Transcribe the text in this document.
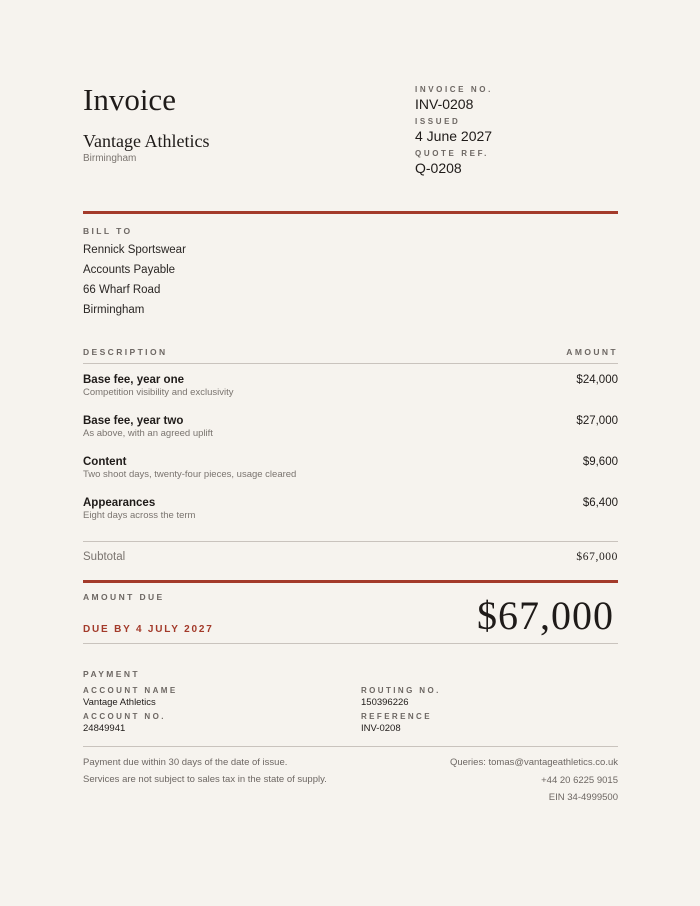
Invoice
Vantage Athletics
Birmingham
INVOICE NO.
INV-0208
ISSUED
4 June 2027
QUOTE REF.
Q-0208
BILL TO
Rennick Sportswear
Accounts Payable
66 Wharf Road
Birmingham
DESCRIPTION	AMOUNT
Base fee, year one
Competition visibility and exclusivity
$24,000
Base fee, year two
As above, with an agreed uplift
$27,000
Content
Two shoot days, twenty-four pieces, usage cleared
$9,600
Appearances
Eight days across the term
$6,400
Subtotal	$67,000
AMOUNT DUE
DUE BY 4 JULY 2027	$67,000
PAYMENT
ACCOUNT NAME
Vantage Athletics
ACCOUNT NO.
24849941
ROUTING NO.
150396226
REFERENCE
INV-0208
Payment due within 30 days of the date of issue.
Services are not subject to sales tax in the state of supply.
Queries: tomas@vantageathletics.co.uk
+44 20 6225 9015
EIN 34-4999500
